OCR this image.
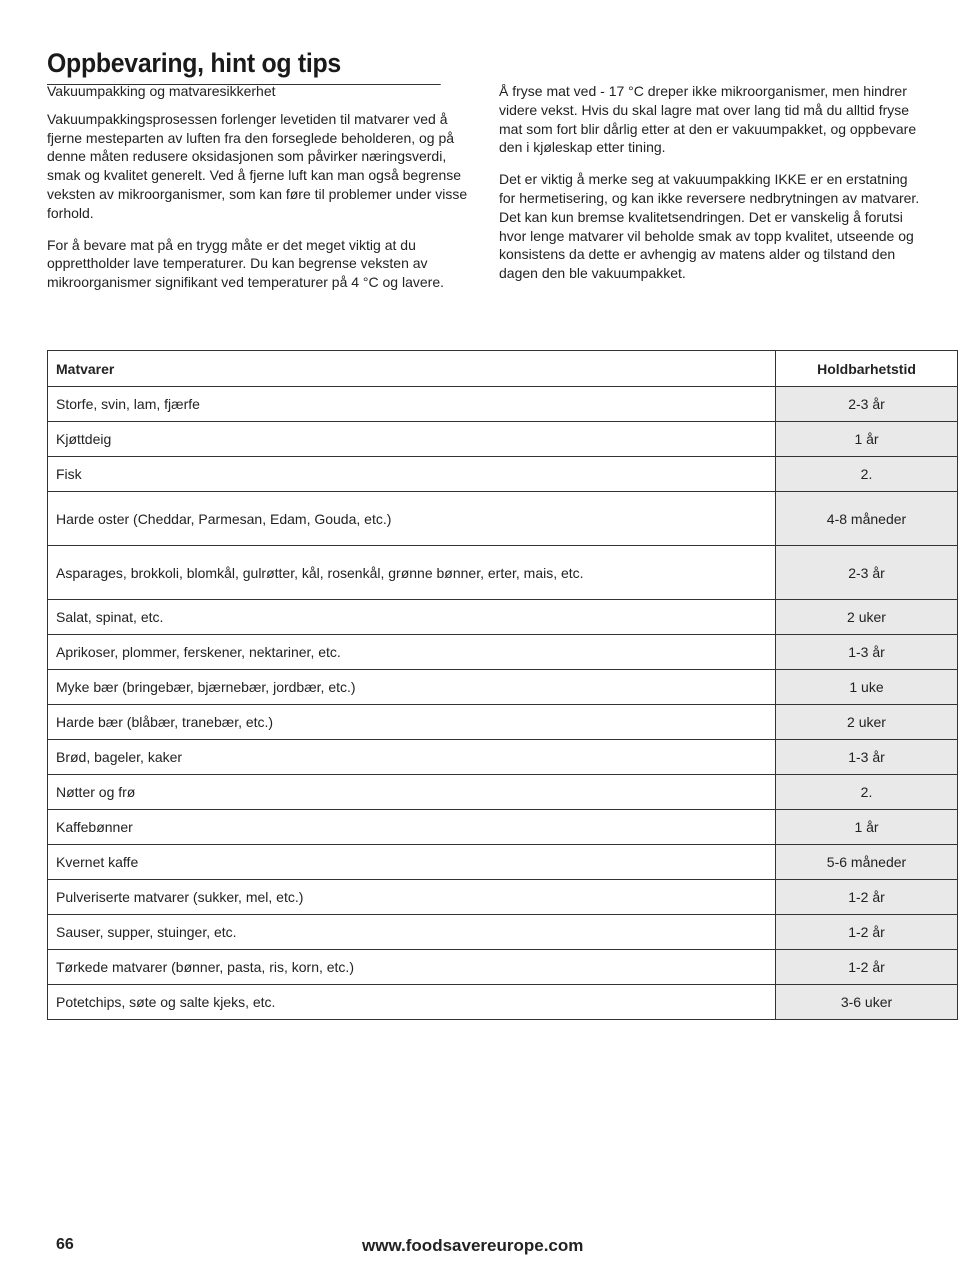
Oppbevaring, hint og tips

Vakuumpakking og matvaresikkerhet

Vakuumpakkingsprosessen forlenger levetiden til matvarer ved å fjerne mesteparten av luften fra den forseglede beholderen, og på denne måten redusere oksidasjonen som påvirker næringsverdi, smak og kvalitet generelt. Ved å fjerne luft kan man også begrense veksten av mikroorganismer, som kan føre til problemer under visse forhold.

For å bevare mat på en trygg måte er det meget viktig at du opprettholder lave temperaturer. Du kan begrense veksten av mikroorganismer signifikant ved temperaturer på 4 °C og lavere.

Å fryse mat ved - 17 °C dreper ikke mikroorganismer, men hindrer videre vekst. Hvis du skal lagre mat over lang tid må du alltid fryse mat som fort blir dårlig etter at den er vakuumpakket, og oppbevare den i kjøleskap etter tining.

Det er viktig å merke seg at vakuumpakking IKKE er en erstatning for hermetisering, og kan ikke reversere nedbrytningen av matvarer. Det kan kun bremse kvalitetsendringen. Det er vanskelig å forutsi hvor lenge matvarer vil beholde smak av topp kvalitet, utseende og konsistens da dette er avhengig av matens alder og tilstand den dagen den ble vakuumpakket.

Matvarer	Holdbarhetstid
Storfe, svin, lam, fjærfe	2-3 år
Kjøttdeig	1 år
Fisk	2.
Harde oster (Cheddar, Parmesan, Edam, Gouda, etc.)	4-8 måneder
Asparages, brokkoli, blomkål, gulrøtter, kål, rosenkål, grønne bønner, erter, mais, etc.	2-3 år
Salat, spinat, etc.	2 uker
Aprikoser, plommer, ferskener, nektariner, etc.	1-3 år
Myke bær (bringebær, bjærnebær, jordbær, etc.)	1 uke
Harde bær (blåbær, tranebær, etc.)	2 uker
Brød, bageler, kaker	1-3 år
Nøtter og frø	2.
Kaffebønner	1 år
Kvernet kaffe	5-6 måneder
Pulveriserte matvarer (sukker, mel, etc.)	1-2 år
Sauser, supper, stuinger, etc.	1-2 år
Tørkede matvarer (bønner, pasta, ris, korn, etc.)	1-2 år
Potetchips, søte og salte kjeks, etc.	3-6 uker
66	www.foodsavereurope.com
